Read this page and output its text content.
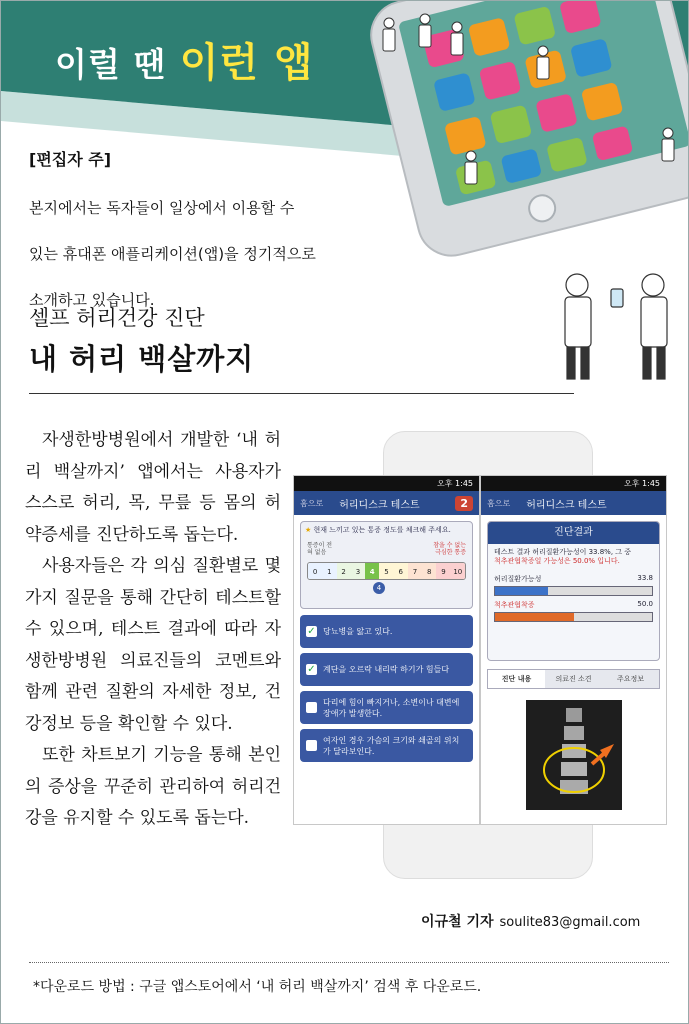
이럴 땐 이런 앱
[편집자 주]

본지에서는 독자들이 일상에서 이용할 수

있는 휴대폰 애플리케이션(앱)을 정기적으로

소개하고 있습니다.

셀프 허리건강 진단
내 허리 백살까지

자생한방병원에서 개발한 ‘내 허리 백살까지’ 앱에서는 사용자가 스스로 허리, 목, 무릎 등 몸의 허약증세를 진단하도록 돕는다.

사용자들은 각 의심 질환별로 몇 가지 질문을 통해 간단히 테스트할 수 있으며, 테스트 결과에 따라 자생한방병원 의료진들의 코멘트와 함께 관련 질환의 자세한 정보, 건강정보 등을 확인할 수 있다.

또한 차트보기 기능을 통해 본인의 증상을 꾸준히 관리하여 허리건강을 유지할 수 있도록 돕는다.

오후 1:45
홈으로 허리디스크 테스트	2
★ 현재 느끼고 있는 통증 정도를 체크해 주세요.
통증이 전혀 없음
참을 수 없는 극심한 통증
0	1	2	3	4	5	6	7	8	9	10
4
✓ 당뇨병을 앓고 있다.
✓ 계단을 오르락 내리락 하기가 힘들다
다리에 힘이 빠지거나, 소변이나 대변에 장애가 발생한다.
여자인 경우 가슴의 크기와 쇄골의 위치가 달라보인다.
오후 1:45
홈으로 허리디스크 테스트
진단결과
테스트 결과 허리질환가능성이 33.8%, 그 중
척추관협착증일 가능성은 50.0% 입니다.
허리질환가능성	33.8
척추관협착증	50.0
진단 내용	의료진 소견	주요정보
이규철 기자 soulite83@gmail.com
*다운로드 방법 : 구글 앱스토어에서 ‘내 허리 백살까지’ 검색 후 다운로드.
